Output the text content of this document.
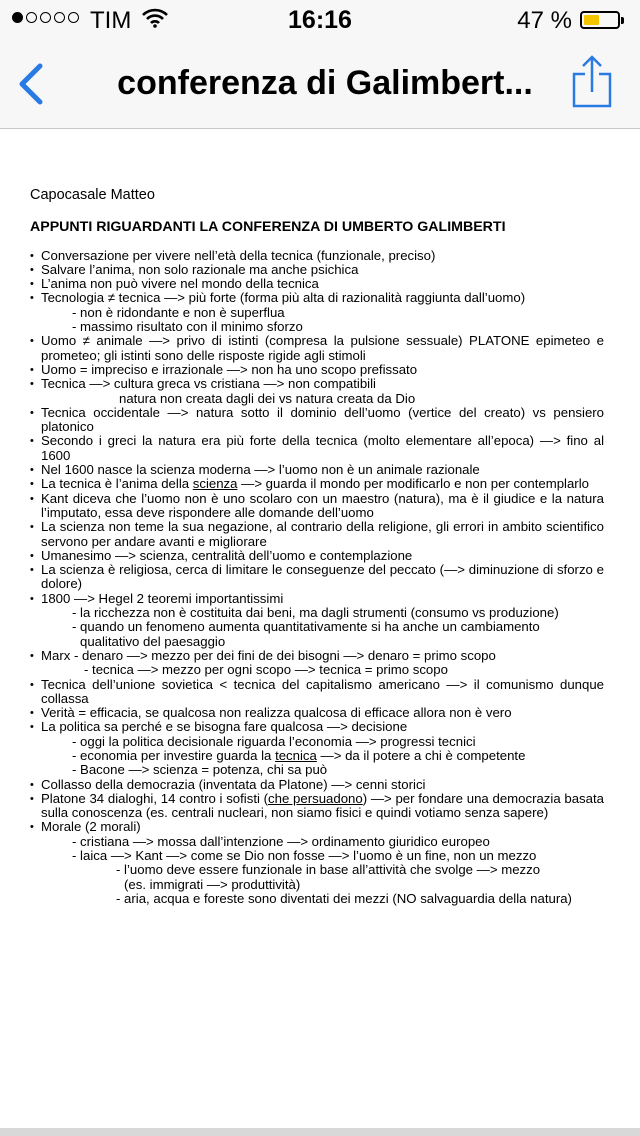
TIM	16:16	47 %
conferenza di Galimbert...
Capocasale Matteo
APPUNTI RIGUARDANTI LA CONFERENZA DI UMBERTO GALIMBERTI
• Conversazione per vivere nell’età della tecnica (funzionale, preciso)
• Salvare l’anima, non solo razionale ma anche psichica
• L’anima non può vivere nel mondo della tecnica
• Tecnologia ≠ tecnica —> più forte (forma più alta di razionalità raggiunta dall’uomo)
- non è ridondante e non è superflua
- massimo risultato con il minimo sforzo
• Uomo ≠ animale —> privo di istinti (compresa la pulsione sessuale) PLATONE epimeteo e prometeo; gli istinti sono delle risposte rigide agli stimoli
• Uomo = impreciso e irrazionale —> non ha uno scopo prefissato
• Tecnica —> cultura greca vs cristiana —> non compatibili
natura non creata dagli dei vs natura creata da Dio
• Tecnica occidentale —> natura sotto il dominio dell’uomo (vertice del creato) vs pensiero platonico
• Secondo i greci la natura era più forte della tecnica (molto elementare all’epoca) —> fino al 1600
• Nel 1600 nasce la scienza moderna —> l’uomo non è un animale razionale
• La tecnica è l’anima della scienza —> guarda il mondo per modificarlo e non per contemplarlo
• Kant diceva che l’uomo non è uno scolaro con un maestro (natura), ma è il giudice e la natura l’imputato, essa deve rispondere alle domande dell’uomo
• La scienza non teme la sua negazione, al contrario della religione, gli errori in ambito scientifico servono per andare avanti e migliorare
• Umanesimo —> scienza, centralità dell’uomo e contemplazione
• La scienza è religiosa, cerca di limitare le conseguenze del peccato (—> diminuzione di sforzo e dolore)
• 1800 —> Hegel 2 teoremi importantissimi
- la ricchezza non è costituita dai beni, ma dagli strumenti (consumo vs produzione)
- quando un fenomeno aumenta quantitativamente si ha anche un cambiamento
qualitativo del paesaggio
• Marx - denaro —> mezzo per dei fini de dei bisogni —> denaro = primo scopo
- tecnica —> mezzo per ogni scopo —> tecnica = primo scopo
• Tecnica dell’unione sovietica < tecnica del capitalismo americano —> il comunismo dunque collassa
• Verità = efficacia, se qualcosa non realizza qualcosa di efficace allora non è vero
• La politica sa perché e se bisogna fare qualcosa —> decisione
- oggi la politica decisionale riguarda l’economia —> progressi tecnici
- economia per investire guarda la tecnica —> da il potere a chi è competente
- Bacone —> scienza = potenza, chi sa può
• Collasso della democrazia (inventata da Platone) —> cenni storici
• Platone 34 dialoghi, 14 contro i sofisti (che persuadono) —> per fondare una democrazia basata sulla conoscenza (es. centrali nucleari, non siamo fisici e quindi votiamo senza sapere)
• Morale (2 morali)
- cristiana —> mossa dall’intenzione —> ordinamento giuridico europeo
- laica —> Kant —> come se Dio non fosse —> l’uomo è un fine, non un mezzo
- l’uomo deve essere funzionale in base all’attività che svolge —> mezzo
(es. immigrati —> produttività)
- aria, acqua e foreste sono diventati dei mezzi (NO salvaguardia della natura)
